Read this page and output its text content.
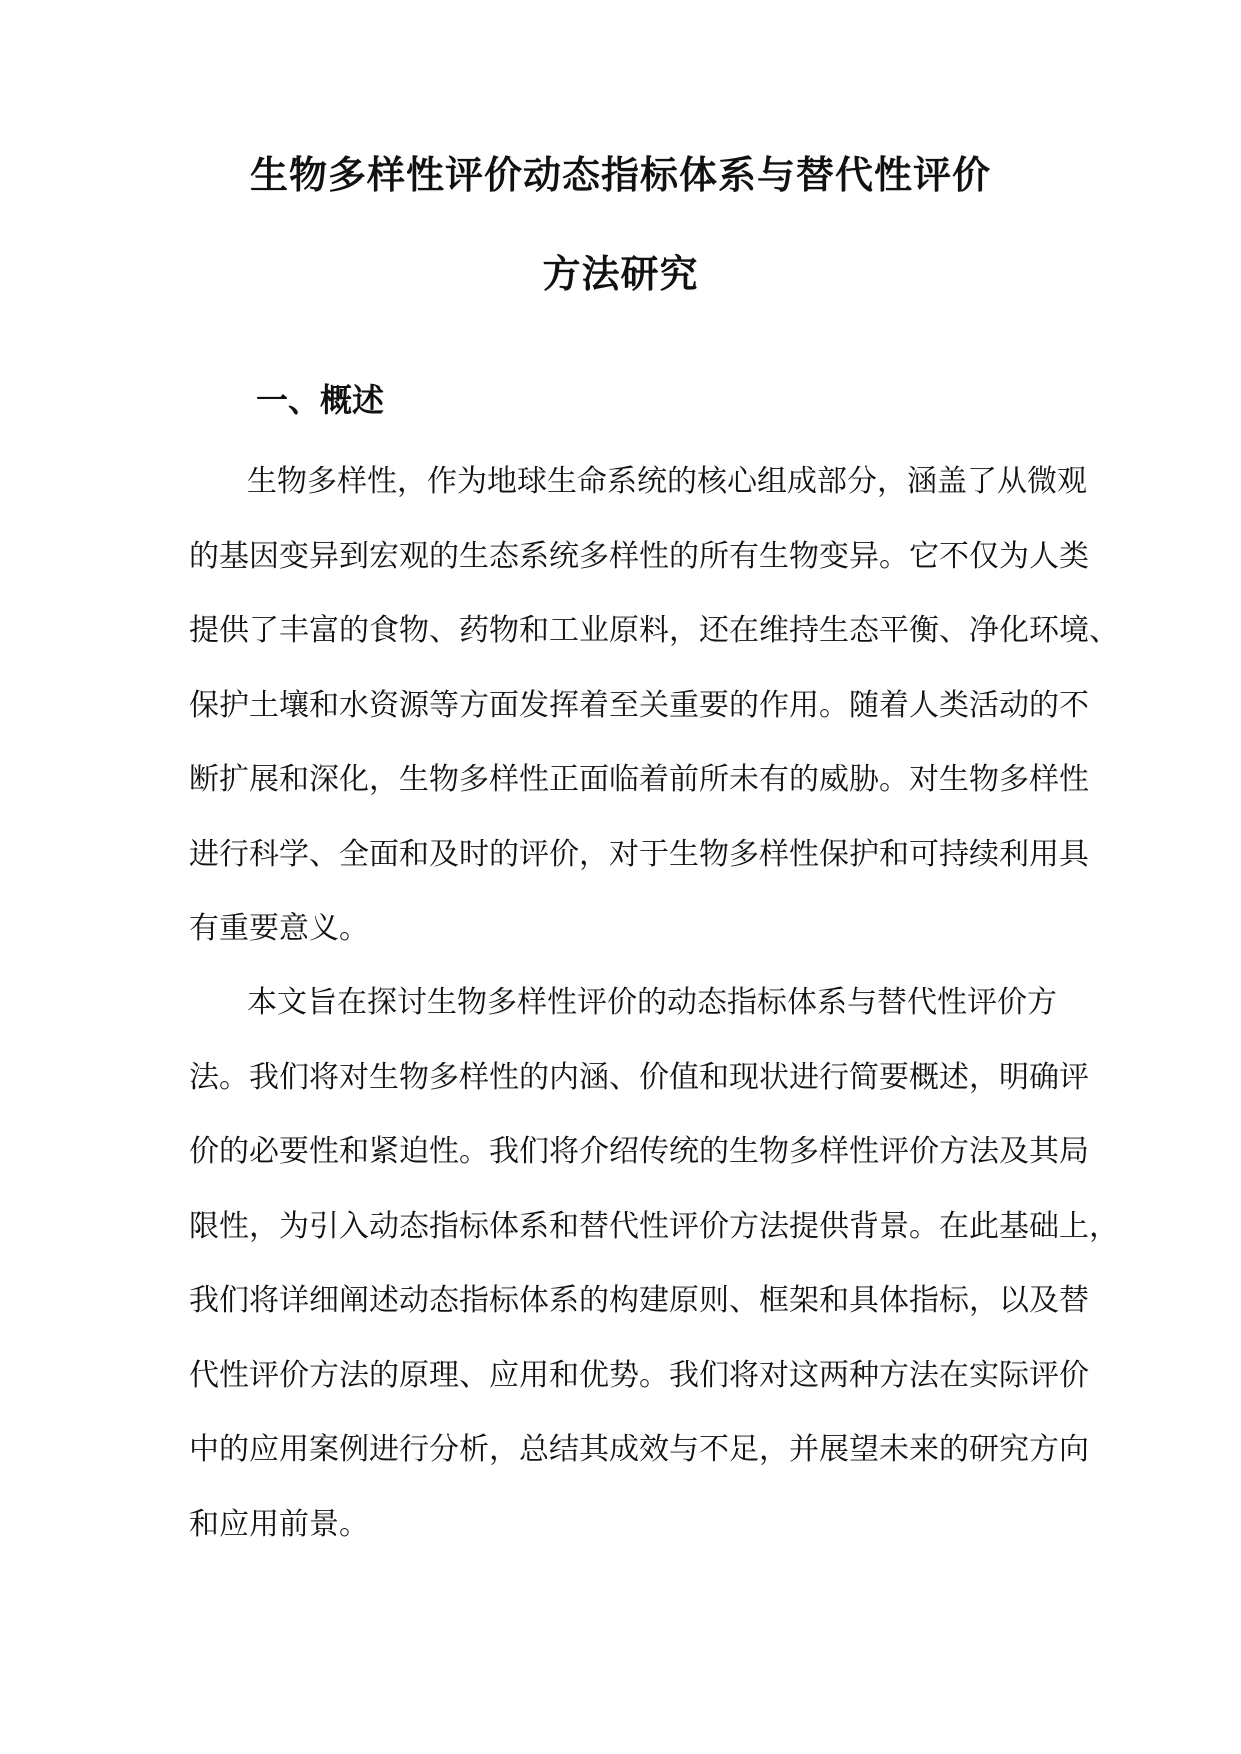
生物多样性评价动态指标体系与替代性评价
方法研究
一、概述
生物多样性，作为地球生命系统的核心组成部分，涵盖了从微观
的基因变异到宏观的生态系统多样性的所有生物变异。它不仅为人类
提供了丰富的食物、药物和工业原料，还在维持生态平衡、净化环境、
保护土壤和水资源等方面发挥着至关重要的作用。随着人类活动的不
断扩展和深化，生物多样性正面临着前所未有的威胁。对生物多样性
进行科学、全面和及时的评价，对于生物多样性保护和可持续利用具
有重要意义。
本文旨在探讨生物多样性评价的动态指标体系与替代性评价方
法。我们将对生物多样性的内涵、价值和现状进行简要概述，明确评
价的必要性和紧迫性。我们将介绍传统的生物多样性评价方法及其局
限性，为引入动态指标体系和替代性评价方法提供背景。在此基础上，
我们将详细阐述动态指标体系的构建原则、框架和具体指标，以及替
代性评价方法的原理、应用和优势。我们将对这两种方法在实际评价
中的应用案例进行分析，总结其成效与不足，并展望未来的研究方向
和应用前景。
